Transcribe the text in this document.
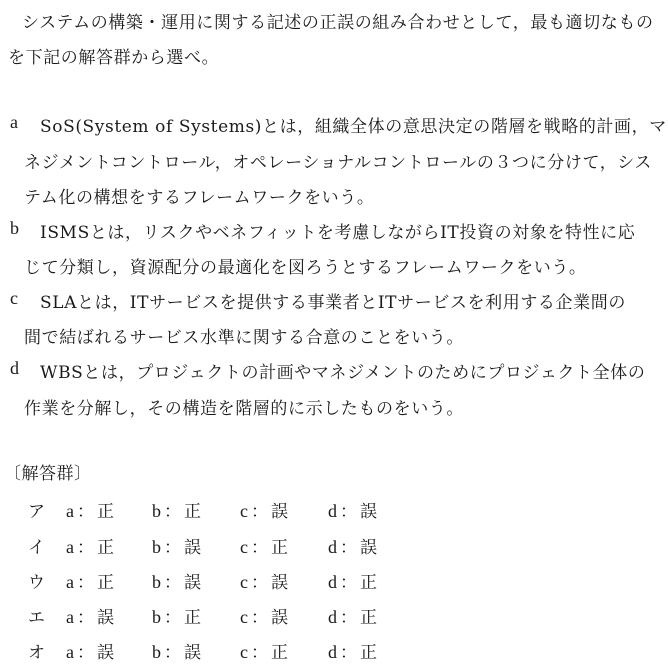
システムの構築・運用に関する記述の正誤の組み合わせとして，最も適切なもの
を下記の解答群から選べ。
a SoS(System of Systems)とは，組織全体の意思決定の階層を戦略的計画，マ
ネジメントコントロール，オペレーショナルコントロールの３つに分けて，シス
テム化の構想をするフレームワークをいう。
b ISMSとは，リスクやベネフィットを考慮しながらIT投資の対象を特性に応
じて分類し，資源配分の最適化を図ろうとするフレームワークをいう。
c SLAとは，ITサービスを提供する事業者とITサービスを利用する企業間の
間で結ばれるサービス水準に関する合意のことをいう。
d WBSとは，プロジェクトの計画やマネジメントのためにプロジェクト全体の
作業を分解し，その構造を階層的に示したものをいう。
〔解答群〕
ア a ： 正 b ： 正 c ： 誤 d ： 誤
イ a ： 正 b ： 誤 c ： 正 d ： 誤
ウ a ： 正 b ： 誤 c ： 誤 d ： 正
エ a ： 誤 b ： 正 c ： 誤 d ： 正
オ a ： 誤 b ： 誤 c ： 正 d ： 正
